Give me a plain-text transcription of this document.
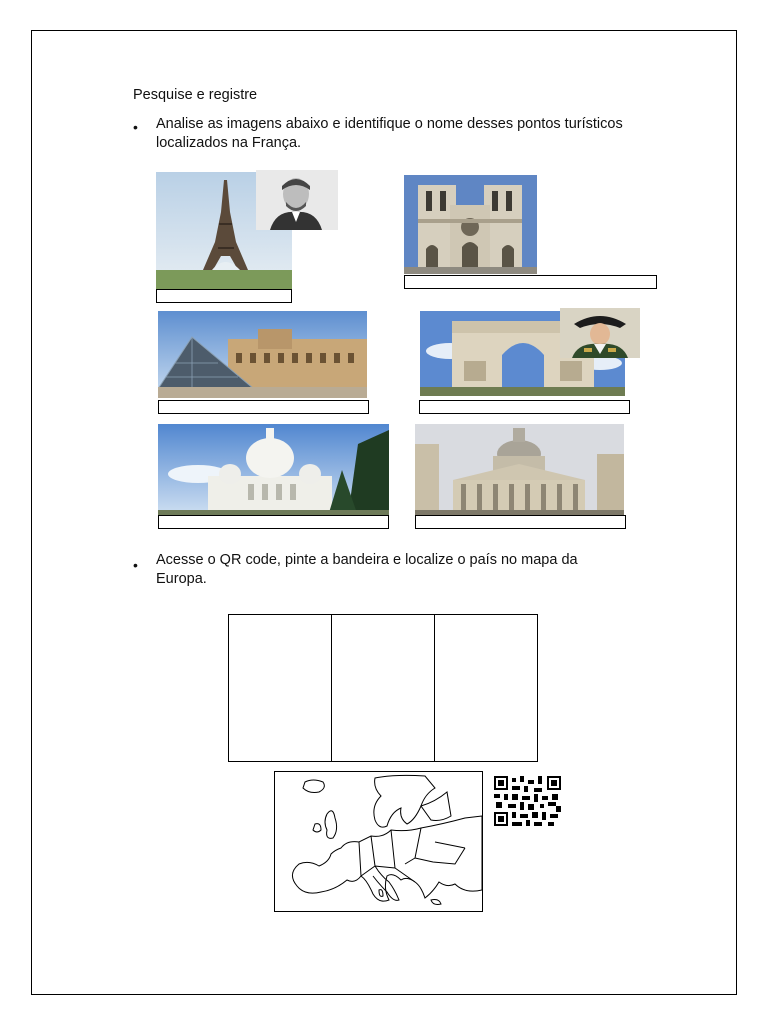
Pesquise e registre
• Analise as imagens abaixo e identifique o nome desses pontos turísticos
localizados na França.
• Acesse o QR code, pinte a bandeira e localize o país no mapa da
Europa.
